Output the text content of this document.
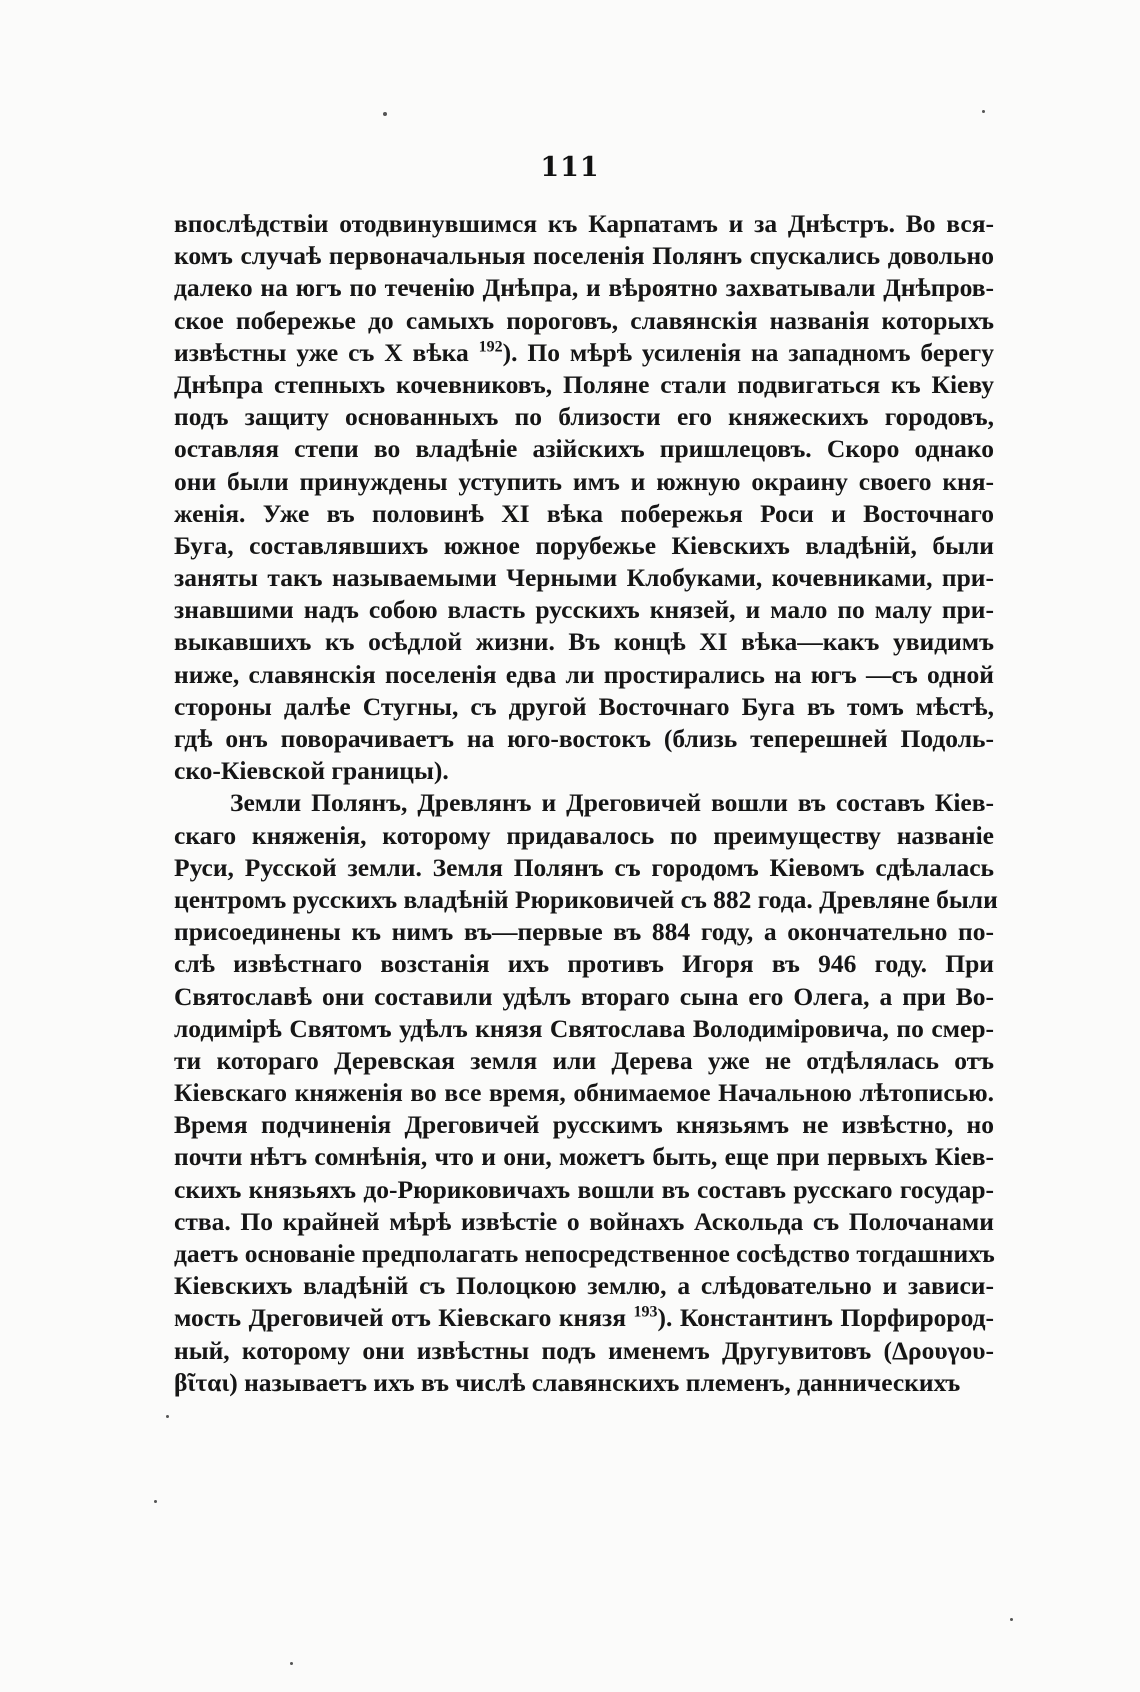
111
впослѣдствіи отодвинувшимся къ Карпатамъ и за Днѣстръ. Во вся-
комъ случаѣ первоначальныя поселенія Полянъ спускались довольно
далеко на югъ по теченію Днѣпра, и вѣроятно захватывали Днѣпров-
ское побережье до самыхъ пороговъ, славянскія названія которыхъ
извѣстны уже съ X вѣка $^{192}$). По мѣрѣ усиленія на западномъ берегу
Днѣпра степныхъ кочевниковъ, Поляне стали подвигаться къ Кіеву
подъ защиту основанныхъ по близости его княжескихъ городовъ,
оставляя степи во владѣніе азійскихъ пришлецовъ. Скоро однако
они были принуждены уступить имъ и южную окраину своего кня-
женія. Уже въ половинѣ XI вѣка побережья Роси и Восточнаго
Буга, составлявшихъ южное порубежье Кіевскихъ владѣній, были
заняты такъ называемыми Черными Клобуками, кочевниками, при-
знавшими надъ собою власть русскихъ князей, и мало по малу при-
выкавшихъ къ осѣдлой жизни. Въ концѣ XI вѣка—какъ увидимъ
ниже, славянскія поселенія едва ли простирались на югъ —съ одной
стороны далѣе Стугны, съ другой Восточнаго Буга въ томъ мѣстѣ,
гдѣ онъ поворачиваетъ на юго-востокъ (близь теперешней Подоль-
ско-Кіевской границы).
Земли Полянъ, Древлянъ и Дреговичей вошли въ составъ Кіев-
скаго княженія, которому придавалось по преимуществу названіе
Руси, Русской земли. Земля Полянъ съ городомъ Кіевомъ сдѣлалась
центромъ русскихъ владѣній Рюриковичей съ 882 года. Древляне были
присоединены къ нимъ въ—первые въ 884 году, а окончательно по-
слѣ извѣстнаго возстанія ихъ противъ Игоря въ 946 году. При
Святославѣ они составили удѣлъ втораго сына его Олега, а при Во-
лодимірѣ Святомъ удѣлъ князя Святослава Володиміровича, по смер-
ти котораго Деревская земля или Дерева уже не отдѣлялась отъ
Кіевскаго княженія во все время, обнимаемое Начальною лѣтописью.
Время подчиненія Дреговичей русскимъ князьямъ не извѣстно, но
почти нѣтъ сомнѣнія, что и они, можетъ быть, еще при первыхъ Кіев-
скихъ князьяхъ до-Рюриковичахъ вошли въ составъ русскаго государ-
ства. По крайней мѣрѣ извѣстіе о войнахъ Аскольда съ Полочанами
даетъ основаніе предполагать непосредственное сосѣдство тогдашнихъ
Кіевскихъ владѣній съ Полоцкою землю, а слѣдовательно и зависи-
мость Дреговичей отъ Кіевскаго князя $^{193}$). Константинъ Порфирород-
ный, которому они извѣстны подъ именемъ Другувитовъ (Δρουγου-
βῖται) называетъ ихъ въ числѣ славянскихъ племенъ, данническихъ
